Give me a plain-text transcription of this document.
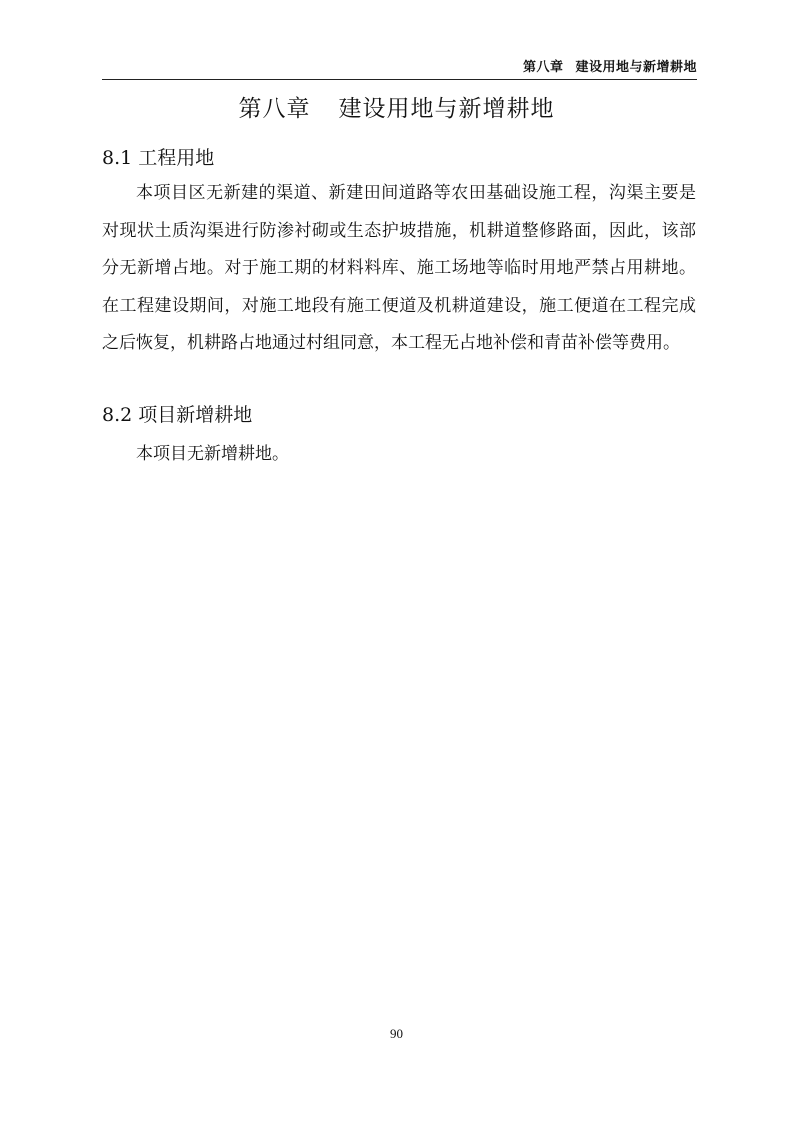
第八章 建设用地与新增耕地
第八章 建设用地与新增耕地
8.1 工程用地
本项目区无新建的渠道、新建田间道路等农田基础设施工程，沟渠主要是对现状土质沟渠进行防渗衬砌或生态护坡措施，机耕道整修路面，因此，该部分无新增占地。对于施工期的材料料库、施工场地等临时用地严禁占用耕地。在工程建设期间，对施工地段有施工便道及机耕道建设，施工便道在工程完成之后恢复，机耕路占地通过村组同意，本工程无占地补偿和青苗补偿等费用。
8.2 项目新增耕地
本项目无新增耕地。
90
